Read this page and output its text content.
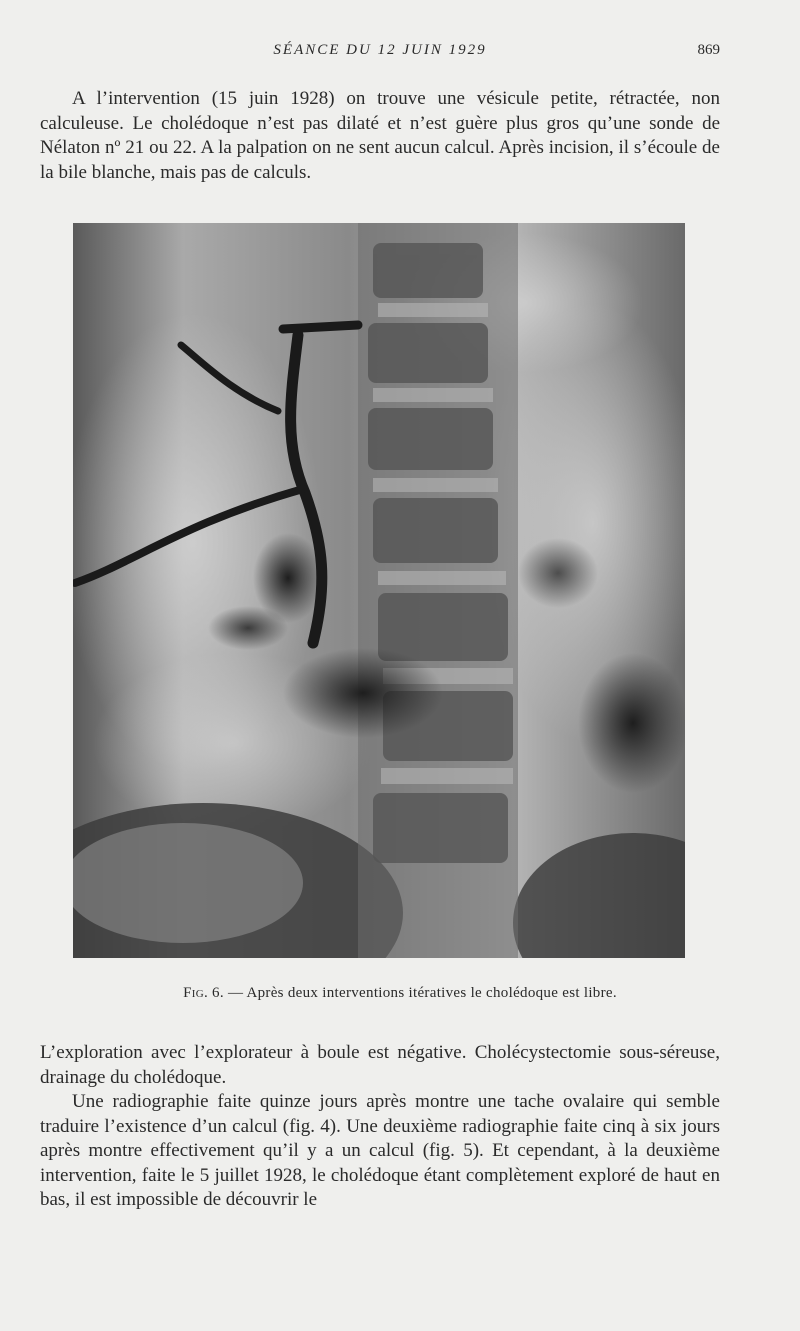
SÉANCE DU 12 JUIN 1929	869

A l’intervention (15 juin 1928) on trouve une vésicule petite, rétractée, non calculeuse. Le cholédoque n’est pas dilaté et n’est guère plus gros qu’une sonde de Nélaton nº 21 ou 22. A la palpation on ne sent aucun calcul. Après incision, il s’écoule de la bile blanche, mais pas de calculs.

Fig. 6. — Après deux interventions itératives le cholédoque est libre.

L’exploration avec l’explorateur à boule est négative. Cholécystectomie sous-séreuse, drainage du cholédoque.

Une radiographie faite quinze jours après montre une tache ovalaire qui semble traduire l’existence d’un calcul (fig. 4). Une deuxième radiographie faite cinq à six jours après montre effectivement qu’il y a un calcul (fig. 5). Et cependant, à la deuxième intervention, faite le 5 juillet 1928, le cholédoque étant complètement exploré de haut en bas, il est impossible de découvrir le
